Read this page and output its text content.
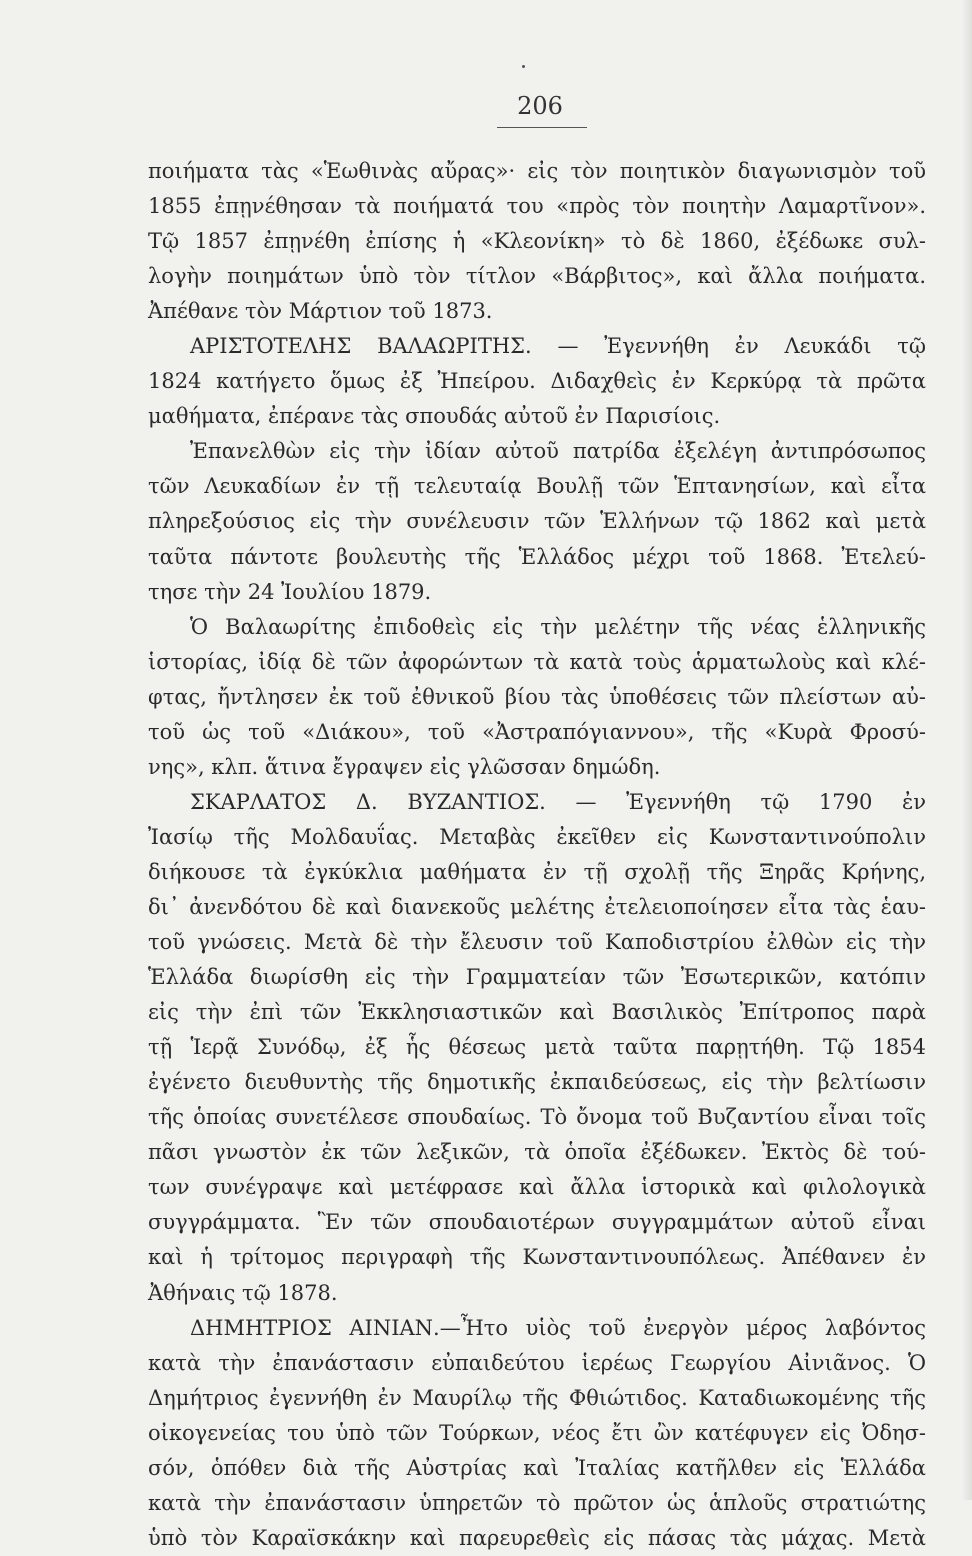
206
ποιήματα τὰς «Ἑωθινὰς αὔρας»· εἰς τὸν ποιητικὸν διαγωνισμὸν τοῦ
1855 ἐπῃνέθησαν τὰ ποιήματά του «πρὸς τὸν ποιητὴν Λαμαρτῖνον».
Τῷ 1857 ἐπῃνέθη ἐπίσης ἡ «Κλεονίκη» τὸ δὲ 1860, ἐξέδωκε συλ-
λογὴν ποιημάτων ὑπὸ τὸν τίτλον «Βάρβιτος», καὶ ἄλλα ποιήματα.
Ἀπέθανε τὸν Μάρτιον τοῦ 1873.
ΑΡΙΣΤΟΤΕΛΗΣ ΒΑΛΑΩΡΙΤΗΣ. — Ἐγεννήθη ἐν Λευκάδι τῷ
1824 κατήγετο ὅμως ἐξ Ἠπείρου. Διδαχθεὶς ἐν Κερκύρᾳ τὰ πρῶτα
μαθήματα, ἐπέρανε τὰς σπουδάς αὐτοῦ ἐν Παρισίοις.
Ἐπανελθὼν εἰς τὴν ἰδίαν αὐτοῦ πατρίδα ἐξελέγη ἀντιπρόσωπος
τῶν Λευκαδίων ἐν τῇ τελευταίᾳ Βουλῇ τῶν Ἑπτανησίων, καὶ εἶτα
πληρεξούσιος εἰς τὴν συνέλευσιν τῶν Ἑλλήνων τῷ 1862 καὶ μετὰ
ταῦτα πάντοτε βουλευτὴς τῆς Ἑλλάδος μέχρι τοῦ 1868. Ἐτελεύ-
τησε τὴν 24 Ἰουλίου 1879.
Ὁ Βαλαωρίτης ἐπιδοθεὶς εἰς τὴν μελέτην τῆς νέας ἑλληνικῆς
ἱστορίας, ἰδίᾳ δὲ τῶν ἀφορώντων τὰ κατὰ τοὺς ἁρματωλοὺς καὶ κλέ-
φτας, ἤντλησεν ἐκ τοῦ ἐθνικοῦ βίου τὰς ὑποθέσεις τῶν πλείστων αὐ-
τοῦ ὡς τοῦ «Διάκου», τοῦ «Ἀστραπόγιαννου», τῆς «Κυρὰ Φροσύ-
νης», κλπ. ἅτινα ἔγραψεν εἰς γλῶσσαν δημώδη.
ΣΚΑΡΛΑΤΟΣ Δ. ΒΥΖΑΝΤΙΟΣ. — Ἐγεννήθη τῷ 1790 ἐν
Ἰασίῳ τῆς Μολδαυΐας. Μεταβὰς ἐκεῖθεν εἰς Κωνσταντινούπολιν
διήκουσε τὰ ἐγκύκλια μαθήματα ἐν τῇ σχολῇ τῆς Ξηρᾶς Κρήνης,
δι᾽ ἀνενδότου δὲ καὶ διανεκοῦς μελέτης ἐτελειοποίησεν εἶτα τὰς ἑαυ-
τοῦ γνώσεις. Μετὰ δὲ τὴν ἔλευσιν τοῦ Καποδιστρίου ἐλθὼν εἰς τὴν
Ἑλλάδα διωρίσθη εἰς τὴν Γραμματείαν τῶν Ἐσωτερικῶν, κατόπιν
εἰς τὴν ἐπὶ τῶν Ἐκκλησιαστικῶν καὶ Βασιλικὸς Ἐπίτροπος παρὰ
τῇ Ἱερᾷ Συνόδῳ, ἐξ ἧς θέσεως μετὰ ταῦτα παρῃτήθη. Τῷ 1854
ἐγένετο διευθυντὴς τῆς δημοτικῆς ἐκπαιδεύσεως, εἰς τὴν βελτίωσιν
τῆς ὁποίας συνετέλεσε σπουδαίως. Τὸ ὄνομα τοῦ Βυζαντίου εἶναι τοῖς
πᾶσι γνωστὸν ἐκ τῶν λεξικῶν, τὰ ὁποῖα ἐξέδωκεν. Ἐκτὸς δὲ τού-
των συνέγραψε καὶ μετέφρασε καὶ ἄλλα ἱστορικὰ καὶ φιλολογικὰ
συγγράμματα. Ἓν τῶν σπουδαιοτέρων συγγραμμάτων αὐτοῦ εἶναι
καὶ ἡ τρίτομος περιγραφὴ τῆς Κωνσταντινουπόλεως. Ἀπέθανεν ἐν
Ἀθήναις τῷ 1878.
ΔΗΜΗΤΡΙΟΣ ΑΙΝΙΑΝ.—Ἦτο υἱὸς τοῦ ἐνεργὸν μέρος λαβόντος
κατὰ τὴν ἐπανάστασιν εὐπαιδεύτου ἱερέως Γεωργίου Αἰνιᾶνος. Ὁ
Δημήτριος ἐγεννήθη ἐν Μαυρίλῳ τῆς Φθιώτιδος. Καταδιωκομένης τῆς
οἰκογενείας του ὑπὸ τῶν Τούρκων, νέος ἔτι ὢν κατέφυγεν εἰς Ὀδησ-
σόν, ὁπόθεν διὰ τῆς Αὐστρίας καὶ Ἰταλίας κατῆλθεν εἰς Ἑλλάδα
κατὰ τὴν ἐπανάστασιν ὑπηρετῶν τὸ πρῶτον ὡς ἁπλοῦς στρατιώτης
ὑπὸ τὸν Καραϊσκάκην καὶ παρευρεθεὶς εἰς πάσας τὰς μάχας. Μετὰ
